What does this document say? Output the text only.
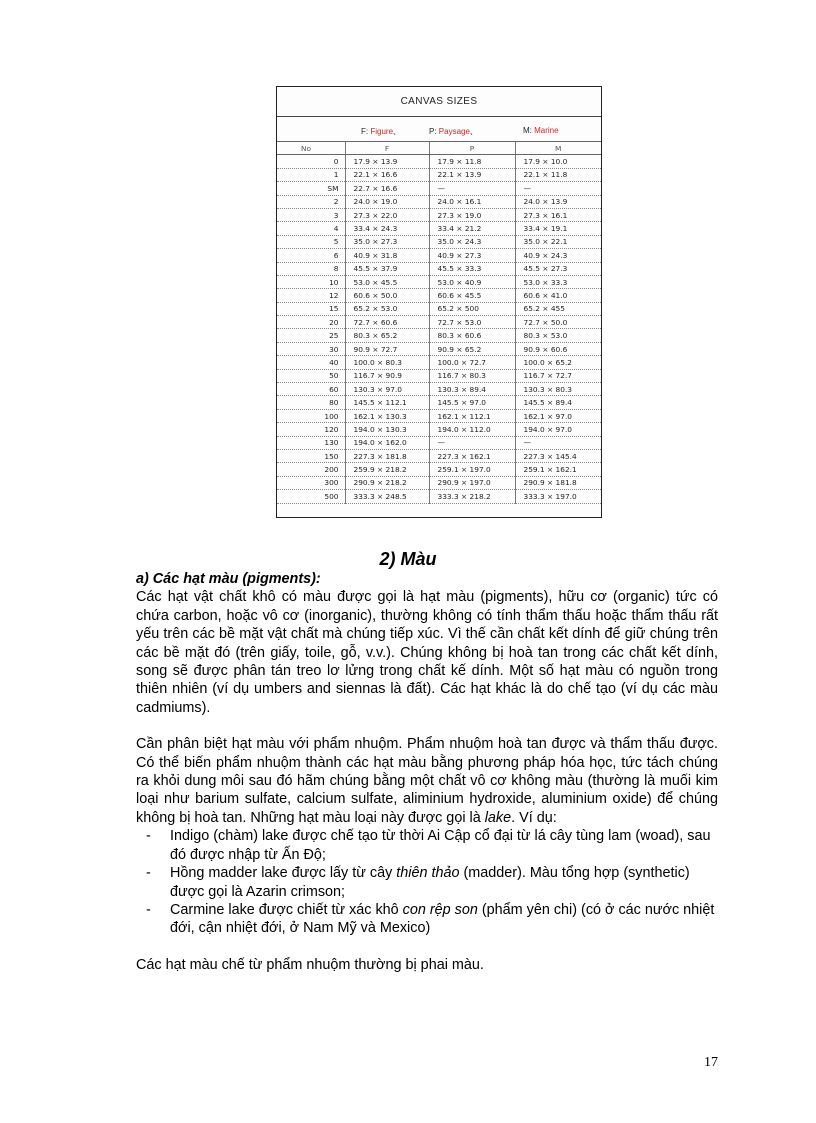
CANVAS SIZES
F: Figure、	P: Paysage、	M: Marine
No	F	P	M
0	17.9 × 13.9	17.9 × 11.8	17.9 × 10.0
1	22.1 × 16.6	22.1 × 13.9	22.1 × 11.8
SM	22.7 × 16.6	—	—
2	24.0 × 19.0	24.0 × 16.1	24.0 × 13.9
3	27.3 × 22.0	27.3 × 19.0	27.3 × 16.1
4	33.4 × 24.3	33.4 × 21.2	33.4 × 19.1
5	35.0 × 27.3	35.0 × 24.3	35.0 × 22.1
6	40.9 × 31.8	40.9 × 27.3	40.9 × 24.3
8	45.5 × 37.9	45.5 × 33.3	45.5 × 27.3
10	53.0 × 45.5	53.0 × 40.9	53.0 × 33.3
12	60.6 × 50.0	60.6 × 45.5	60.6 × 41.0
15	65.2 × 53.0	65.2 × 500	65.2 × 455
20	72.7 × 60.6	72.7 × 53.0	72.7 × 50.0
25	80.3 × 65.2	80.3 × 60.6	80.3 × 53.0
30	90.9 × 72.7	90.9 × 65.2	90.9 × 60.6
40	100.0 × 80.3	100.0 × 72.7	100.0 × 65.2
50	116.7 × 90.9	116.7 × 80.3	116.7 × 72.7
60	130.3 × 97.0	130.3 × 89.4	130.3 × 80.3
80	145.5 × 112.1	145.5 × 97.0	145.5 × 89.4
100	162.1 × 130.3	162.1 × 112.1	162.1 × 97.0
120	194.0 × 130.3	194.0 × 112.0	194.0 × 97.0
130	194.0 × 162.0	—	—
150	227.3 × 181.8	227.3 × 162.1	227.3 × 145.4
200	259.9 × 218.2	259.1 × 197.0	259.1 × 162.1
300	290.9 × 218.2	290.9 × 197.0	290.9 × 181.8
500	333.3 × 248.5	333.3 × 218.2	333.3 × 197.0
2) Màu

a) Các hạt màu (pigments):

Các hạt vật chất khô có màu được gọi là hạt màu (pigments), hữu cơ (organic) tức có chứa carbon, hoặc vô cơ (inorganic), thường không có tính thẩm thấu hoặc thẩm thấu rất yếu trên các bề mặt vật chất mà chúng tiếp xúc. Vì thế cần chất kết dính để giữ chúng trên các bề mặt đó (trên giấy, toile, gỗ, v.v.). Chúng không bị hoà tan trong các chất kết dính, song sẽ được phân tán treo lơ lửng trong chất kế dính. Một số hạt màu có nguồn trong thiên nhiên (ví dụ umbers and siennas là đất). Các hạt khác là do chế tạo (ví dụ các màu cadmiums).

Cần phân biệt hạt màu với phẩm nhuộm. Phẩm nhuộm hoà tan được và thẩm thấu được. Có thể biến phẩm nhuộm thành các hạt màu bằng phương pháp hóa học, tức tách chúng ra khỏi dung môi sau đó hãm chúng bằng một chất vô cơ không màu (thường là muối kim loại như barium sulfate, calcium sulfate, aliminium hydroxide, aluminium oxide) để chúng không bị hoà tan. Những hạt màu loại này được gọi là lake. Ví dụ:

- Indigo (chàm) lake được chế tạo từ thời Ai Cập cổ đại từ lá cây tùng lam (woad), sau đó được nhập từ Ấn Độ;
- Hồng madder lake được lấy từ cây thiên thảo (madder). Màu tổng hợp (synthetic) được gọi là Azarin crimson;
- Carmine lake được chiết từ xác khô con rệp son (phẩm yên chi) (có ở các nước nhiệt đới, cận nhiệt đới, ở Nam Mỹ và Mexico)

Các hạt màu chế từ phẩm nhuộm thường bị phai màu.

17
